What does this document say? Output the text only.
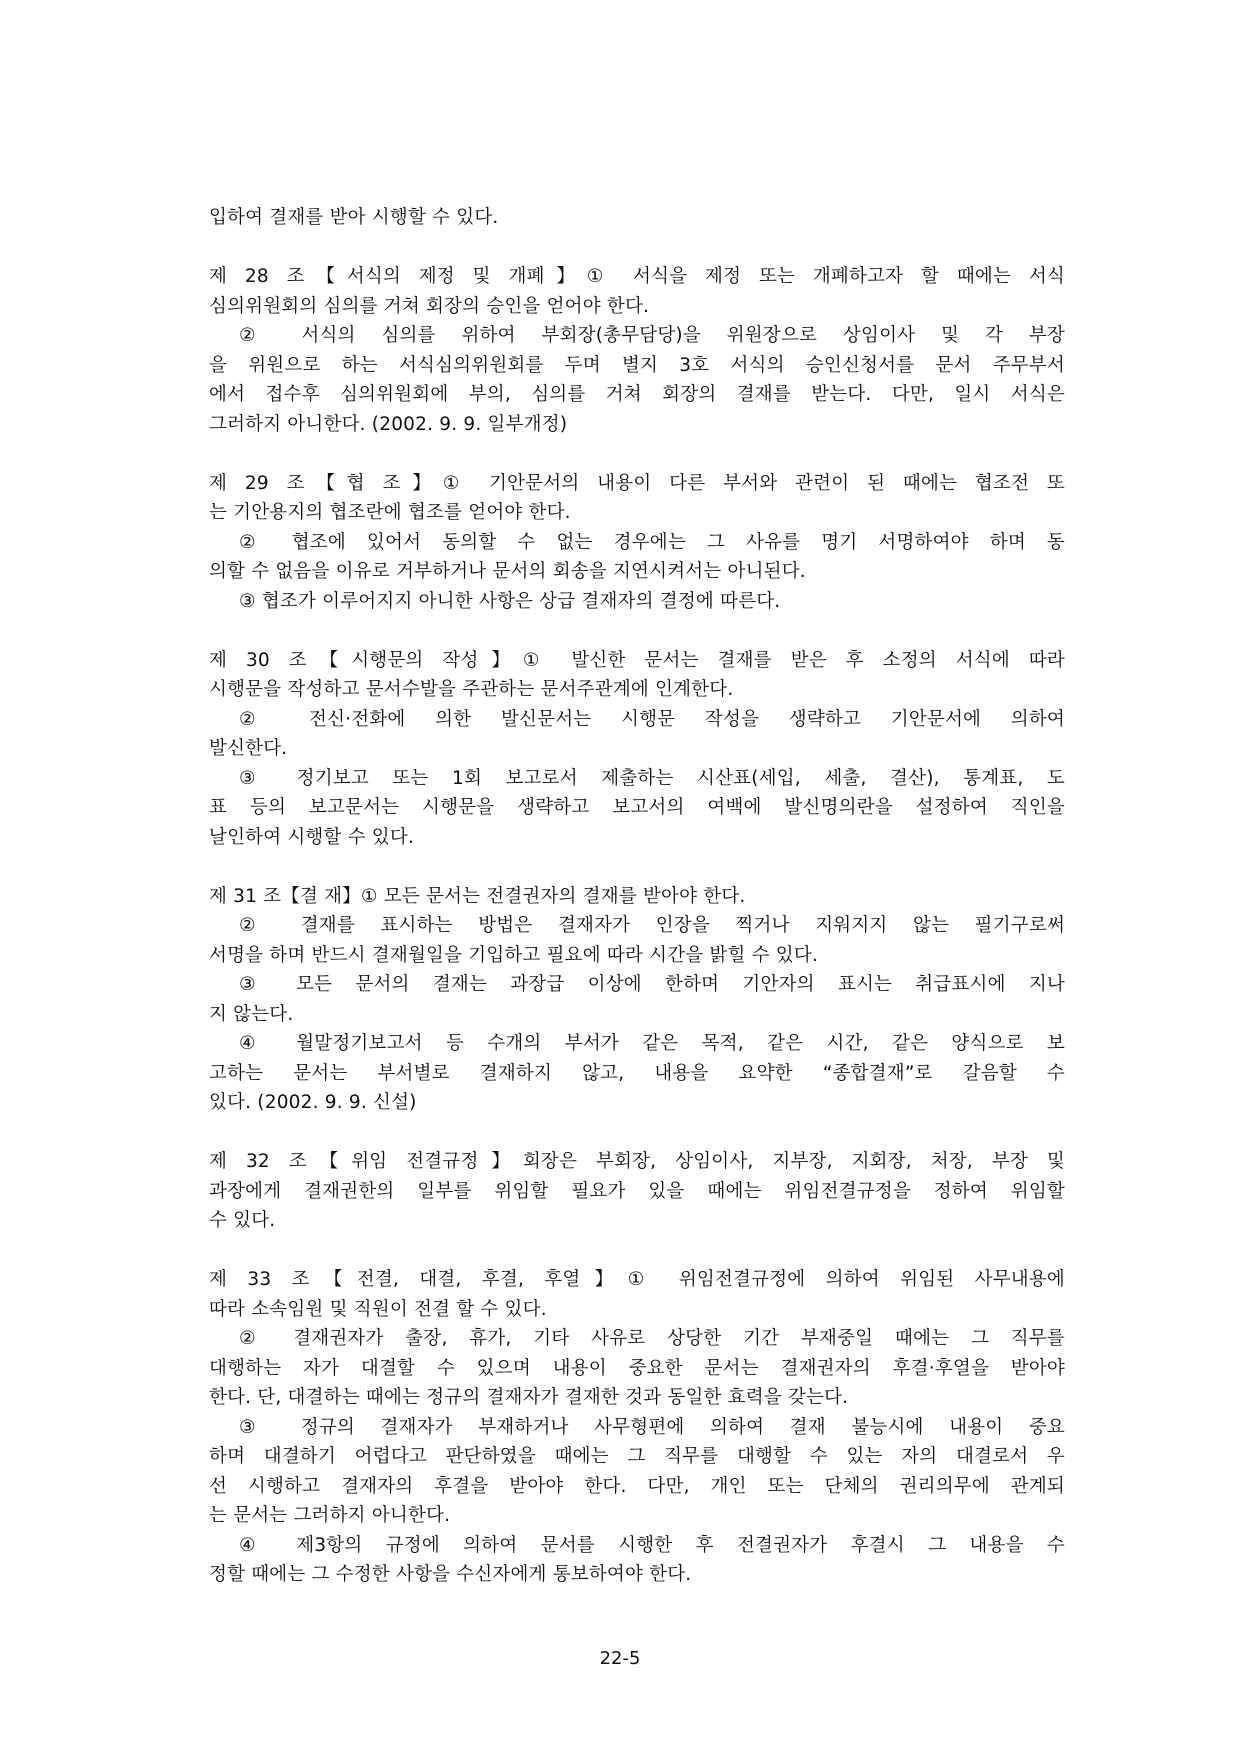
입하여 결재를 받아 시행할 수 있다.
제 28 조【서식의 제정 및 개폐】① 서식을 제정 또는 개폐하고자 할 때에는 서식
심의위원회의 심의를 거쳐 회장의 승인을 얻어야 한다.
② 서식의 심의를 위하여 부회장(총무담당)을 위원장으로 상임이사 및 각 부장
을 위원으로 하는 서식심의위원회를 두며 별지 3호 서식의 승인신청서를 문서 주무부서
에서 접수후 심의위원회에 부의, 심의를 거쳐 회장의 결재를 받는다. 다만, 일시 서식은
그러하지 아니한다. (2002. 9. 9. 일부개정)
제 29 조【협 조】① 기안문서의 내용이 다른 부서와 관련이 된 때에는 협조전 또
는 기안용지의 협조란에 협조를 얻어야 한다.
② 협조에 있어서 동의할 수 없는 경우에는 그 사유를 명기 서명하여야 하며 동
의할 수 없음을 이유로 거부하거나 문서의 회송을 지연시켜서는 아니된다.
③ 협조가 이루어지지 아니한 사항은 상급 결재자의 결정에 따른다.
제 30 조【시행문의 작성】① 발신한 문서는 결재를 받은 후 소정의 서식에 따라
시행문을 작성하고 문서수발을 주관하는 문서주관계에 인계한다.
② 전신·전화에 의한 발신문서는 시행문 작성을 생략하고 기안문서에 의하여
발신한다.
③ 정기보고 또는 1회 보고로서 제출하는 시산표(세입, 세출, 결산), 통계표, 도
표 등의 보고문서는 시행문을 생략하고 보고서의 여백에 발신명의란을 설정하여 직인을
날인하여 시행할 수 있다.
제 31 조【결 재】① 모든 문서는 전결권자의 결재를 받아야 한다.
② 결재를 표시하는 방법은 결재자가 인장을 찍거나 지워지지 않는 필기구로써
서명을 하며 반드시 결재월일을 기입하고 필요에 따라 시간을 밝힐 수 있다.
③ 모든 문서의 결재는 과장급 이상에 한하며 기안자의 표시는 취급표시에 지나
지 않는다.
④ 월말정기보고서 등 수개의 부서가 같은 목적, 같은 시간, 같은 양식으로 보
고하는 문서는 부서별로 결재하지 않고, 내용을 요약한 “종합결재”로 갈음할 수
있다. (2002. 9. 9. 신설)
제 32 조【위임 전결규정】회장은 부회장, 상임이사, 지부장, 지회장, 처장, 부장 및
과장에게 결재권한의 일부를 위임할 필요가 있을 때에는 위임전결규정을 정하여 위임할
수 있다.
제 33 조【전결, 대결, 후결, 후열】① 위임전결규정에 의하여 위임된 사무내용에
따라 소속임원 및 직원이 전결 할 수 있다.
② 결재권자가 출장, 휴가, 기타 사유로 상당한 기간 부재중일 때에는 그 직무를
대행하는 자가 대결할 수 있으며 내용이 중요한 문서는 결재권자의 후결·후열을 받아야
한다. 단, 대결하는 때에는 정규의 결재자가 결재한 것과 동일한 효력을 갖는다.
③ 정규의 결재자가 부재하거나 사무형편에 의하여 결재 불능시에 내용이 중요
하며 대결하기 어렵다고 판단하였을 때에는 그 직무를 대행할 수 있는 자의 대결로서 우
선 시행하고 결재자의 후결을 받아야 한다. 다만, 개인 또는 단체의 권리의무에 관계되
는 문서는 그러하지 아니한다.
④ 제3항의 규정에 의하여 문서를 시행한 후 전결권자가 후결시 그 내용을 수
정할 때에는 그 수정한 사항을 수신자에게 통보하여야 한다.
22-5
